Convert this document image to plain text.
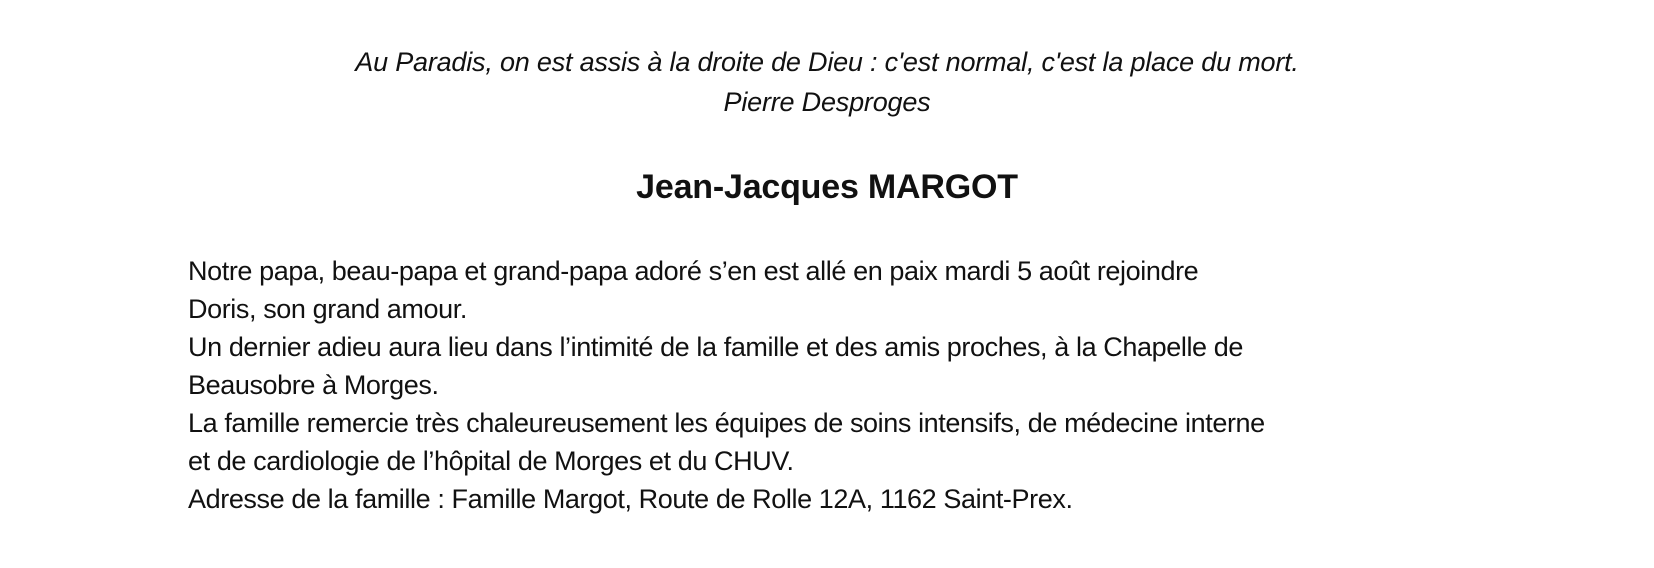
Au Paradis, on est assis à la droite de Dieu : c'est normal, c'est la place du mort.
Pierre Desproges
Jean-Jacques MARGOT
Notre papa, beau-papa et grand-papa adoré s’en est allé en paix mardi 5 août rejoindre
Doris, son grand amour.
Un dernier adieu aura lieu dans l’intimité de la famille et des amis proches, à la Chapelle de
Beausobre à Morges.
La famille remercie très chaleureusement les équipes de soins intensifs, de médecine interne
et de cardiologie de l’hôpital de Morges et du CHUV.
Adresse de la famille : Famille Margot, Route de Rolle 12A, 1162 Saint-Prex.
